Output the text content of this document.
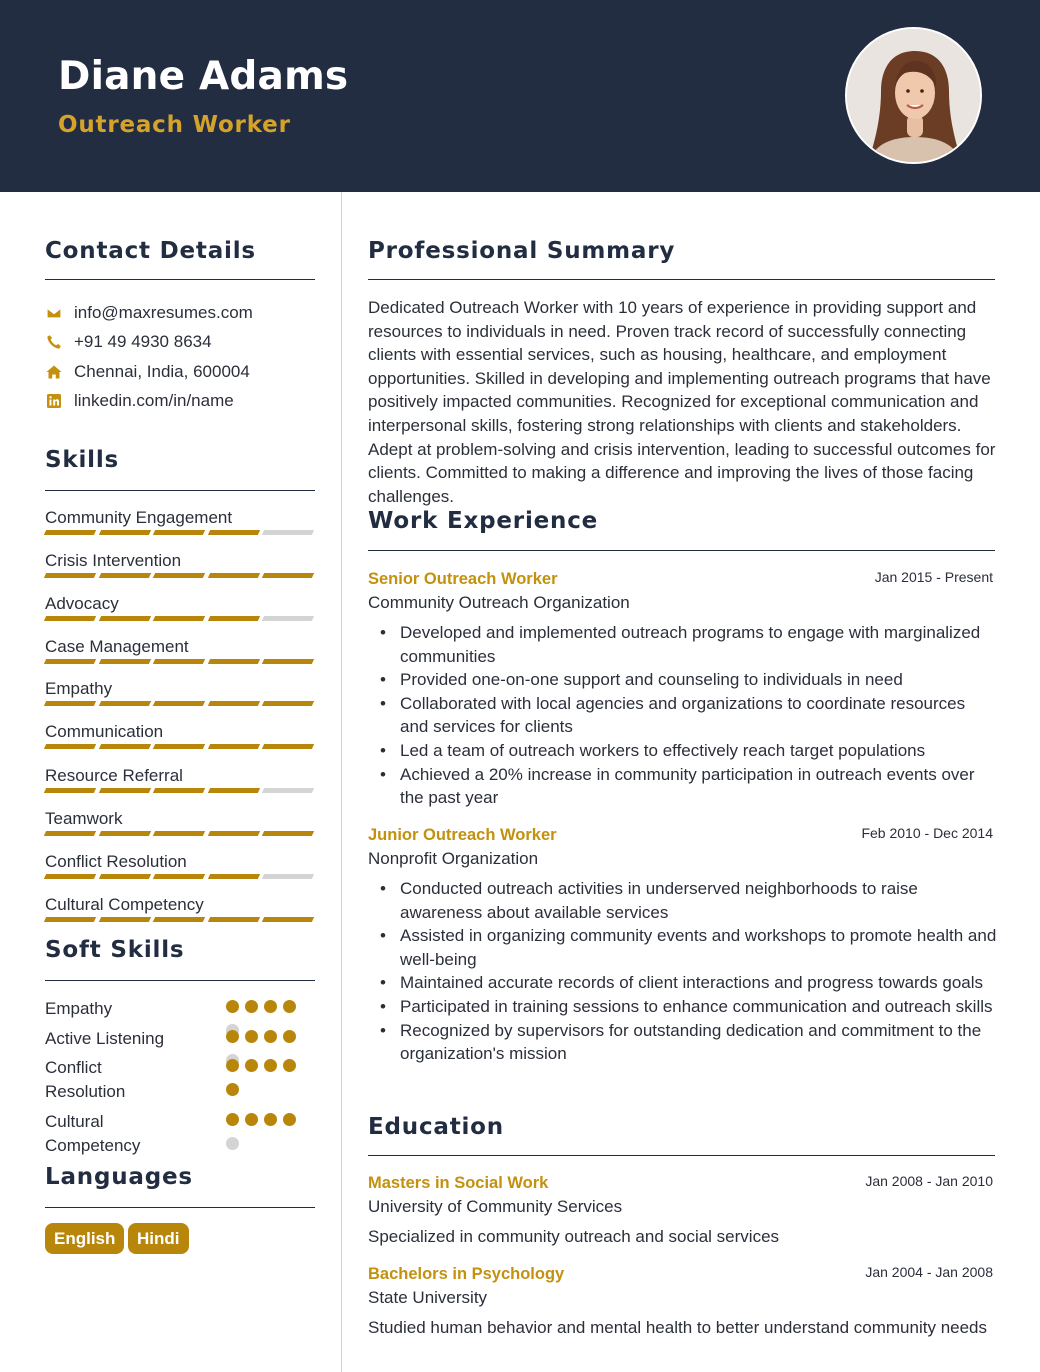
Diane Adams
Outreach Worker
Contact Details
info@maxresumes.com
+91 49 4930 8634
Chennai, India, 600004
linkedin.com/in/name
Skills
Community Engagement
Crisis Intervention
Advocacy
Case Management
Empathy
Communication
Resource Referral
Teamwork
Conflict Resolution
Cultural Competency
Soft Skills
Empathy
Active Listening
Conflict Resolution
Cultural Competency
Languages
English	Hindi
Professional Summary
Dedicated Outreach Worker with 10 years of experience in providing support and resources to individuals in need. Proven track record of successfully connecting clients with essential services, such as housing, healthcare, and employment opportunities. Skilled in developing and implementing outreach programs that have positively impacted communities. Recognized for exceptional communication and interpersonal skills, fostering strong relationships with clients and stakeholders. Adept at problem-solving and crisis intervention, leading to successful outcomes for clients. Committed to making a difference and improving the lives of those facing challenges.
Work Experience
Senior Outreach Worker	Jan 2015 - Present
Community Outreach Organization
• Developed and implemented outreach programs to engage with marginalized communities
• Provided one-on-one support and counseling to individuals in need
• Collaborated with local agencies and organizations to coordinate resources and services for clients
• Led a team of outreach workers to effectively reach target populations
• Achieved a 20% increase in community participation in outreach events over the past year
Junior Outreach Worker	Feb 2010 - Dec 2014
Nonprofit Organization
• Conducted outreach activities in underserved neighborhoods to raise awareness about available services
• Assisted in organizing community events and workshops to promote health and well-being
• Maintained accurate records of client interactions and progress towards goals
• Participated in training sessions to enhance communication and outreach skills
• Recognized by supervisors for outstanding dedication and commitment to the organization's mission
Education
Masters in Social Work	Jan 2008 - Jan 2010
University of Community Services
Specialized in community outreach and social services
Bachelors in Psychology	Jan 2004 - Jan 2008
State University
Studied human behavior and mental health to better understand community needs
